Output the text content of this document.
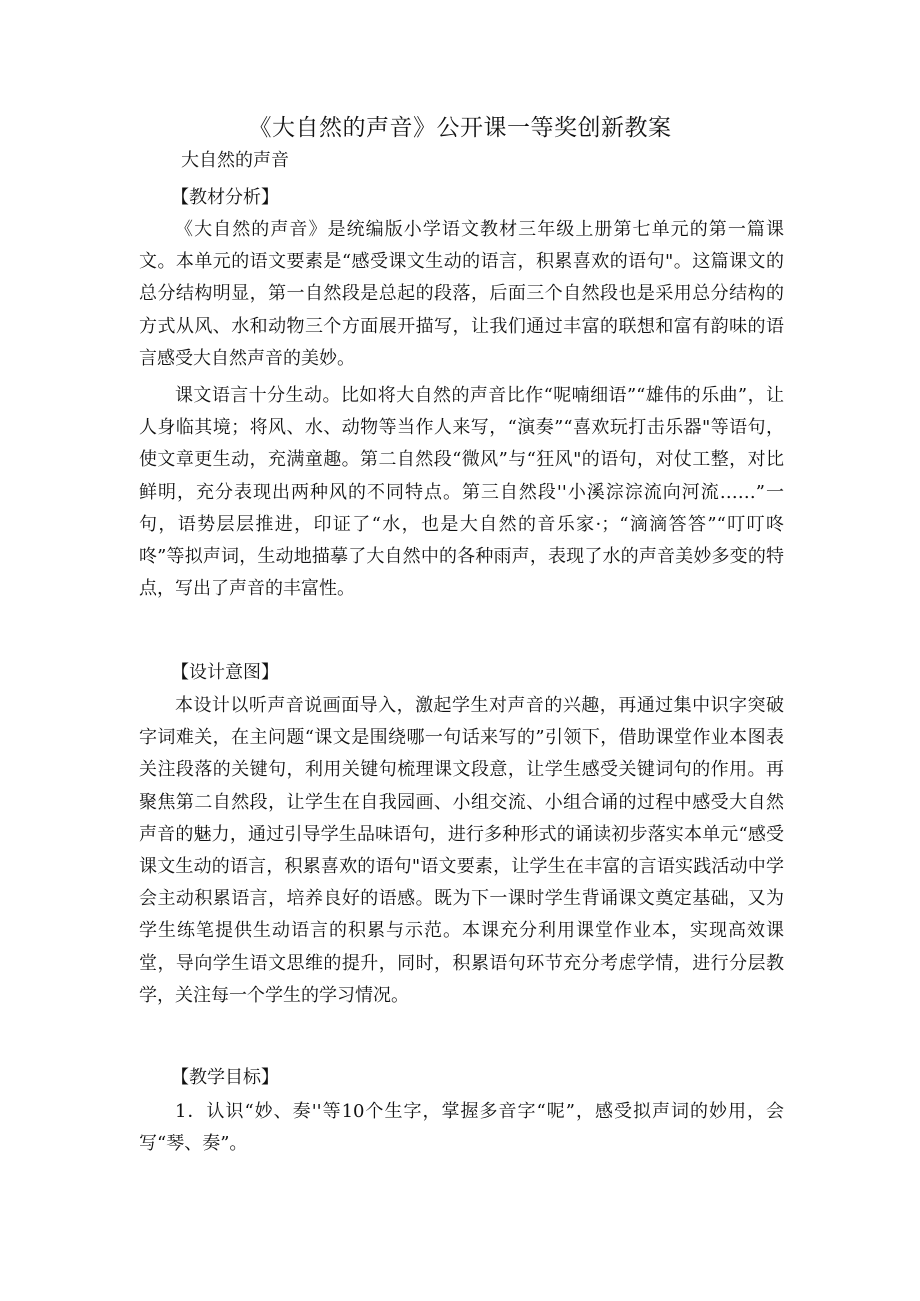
《大自然的声音》公开课一等奖创新教案

大自然的声音

【教材分析】

《大自然的声音》是统编版小学语文教材三年级上册第七单元的第一篇课文。本单元的语文要素是“感受课文生动的语言，积累喜欢的语句"。这篇课文的总分结构明显，第一自然段是总起的段落，后面三个自然段也是采用总分结构的方式从风、水和动物三个方面展开描写，让我们通过丰富的联想和富有韵味的语言感受大自然声音的美妙。

课文语言十分生动。比如将大自然的声音比作“呢喃细语”“雄伟的乐曲”，让人身临其境；将风、水、动物等当作人来写，“演奏”“喜欢玩打击乐器"等语句，使文章更生动，充满童趣。第二自然段“微风”与“狂风"的语句，对仗工整，对比鲜明，充分表现出两种风的不同特点。第三自然段''小溪淙淙流向河流……”一句，语势层层推进，印证了“水，也是大自然的音乐家·；“滴滴答答”“叮叮咚咚”等拟声词，生动地描摹了大自然中的各种雨声，表现了水的声音美妙多变的特点，写出了声音的丰富性。

【设计意图】

本设计以听声音说画面导入，激起学生对声音的兴趣，再通过集中识字突破字词难关，在主问题“课文是围绕哪一句话来写的”引领下，借助课堂作业本图表关注段落的关键句，利用关键句梳理课文段意，让学生感受关键词句的作用。再聚焦第二自然段，让学生在自我园画、小组交流、小组合诵的过程中感受大自然声音的魅力，通过引导学生品味语句，进行多种形式的诵读初步落实本单元“感受课文生动的语言，积累喜欢的语句"语文要素，让学生在丰富的言语实践活动中学会主动积累语言，培养良好的语感。既为下一课时学生背诵课文奠定基础，又为学生练笔提供生动语言的积累与示范。本课充分利用课堂作业本，实现高效课堂，导向学生语文思维的提升，同时，积累语句环节充分考虑学情，进行分层教学，关注每一个学生的学习情况。

【教学目标】

1．认识“妙、奏''等10个生字，掌握多音字“呢”，感受拟声词的妙用，会写“琴、奏”。
